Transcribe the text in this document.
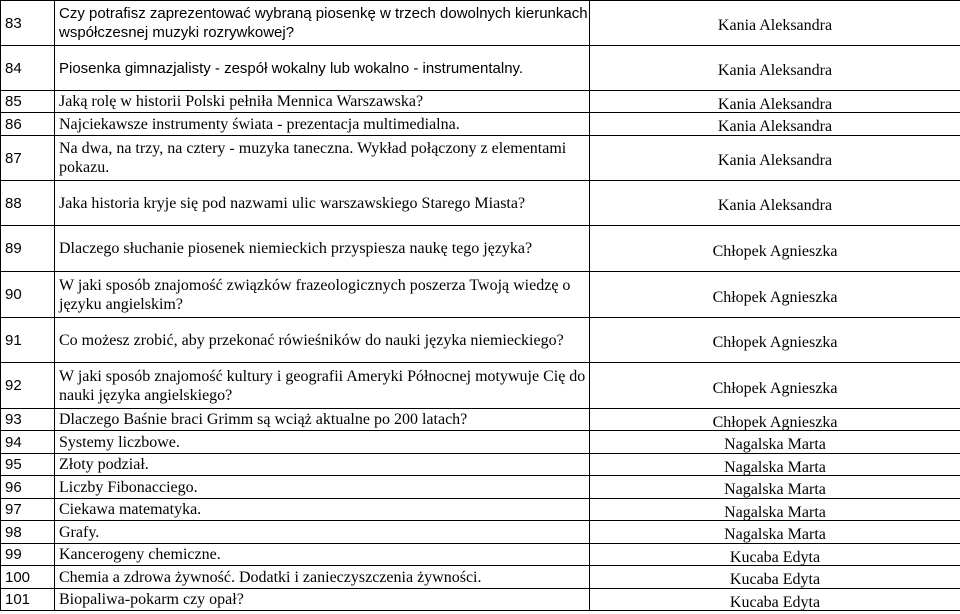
83	Czy potrafisz zaprezentować wybraną piosenkę w trzech dowolnych kierunkach współczesnej muzyki rozrywkowej?	Kania Aleksandra
84	Piosenka gimnazjalisty - zespół wokalny lub wokalno - instrumentalny.	Kania Aleksandra
85	Jaką rolę w historii Polski pełniła Mennica Warszawska?	Kania Aleksandra
86	Najciekawsze instrumenty świata - prezentacja multimedialna.	Kania Aleksandra
87	Na dwa, na trzy, na cztery - muzyka taneczna. Wykład połączony z elementami pokazu.	Kania Aleksandra
88	Jaka historia kryje się pod nazwami ulic warszawskiego Starego Miasta?	Kania Aleksandra
89	Dlaczego słuchanie piosenek niemieckich przyspiesza naukę tego języka?	Chłopek Agnieszka
90	W jaki sposób znajomość związków frazeologicznych poszerza Twoją wiedzę o języku angielskim?	Chłopek Agnieszka
91	Co możesz zrobić, aby przekonać rówieśników do nauki języka niemieckiego?	Chłopek Agnieszka
92	W jaki sposób znajomość kultury i geografii Ameryki Północnej motywuje Cię do nauki języka angielskiego?	Chłopek Agnieszka
93	Dlaczego Baśnie braci Grimm są wciąż aktualne po 200 latach?	Chłopek Agnieszka
94	Systemy liczbowe.	Nagalska Marta
95	Złoty podział.	Nagalska Marta
96	Liczby Fibonacciego.	Nagalska Marta
97	Ciekawa matematyka.	Nagalska Marta
98	Grafy.	Nagalska Marta
99	Kancerogeny chemiczne.	Kucaba Edyta
100	Chemia a zdrowa żywność. Dodatki i zanieczyszczenia żywności.	Kucaba Edyta
101	Biopaliwa-pokarm czy opał?	Kucaba Edyta
